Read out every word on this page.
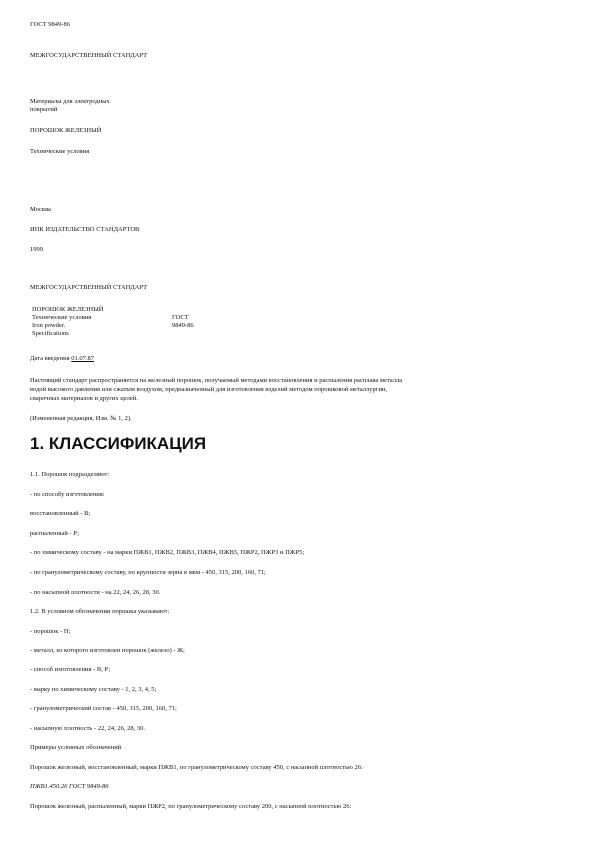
ГОСТ 9849-86
МЕЖГОСУДАРСТВЕННЫЙ СТАНДАРТ
Материалы для электродных
покрытий
ПОРОШОК ЖЕЛЕЗНЫЙ
Технические условия
Москва
ИПК ИЗДАТЕЛЬСТВО СТАНДАРТОВ
1999
МЕЖГОСУДАРСТВЕННЫЙ СТАНДАРТ
ПОРОШОК ЖЕЛЕЗНЫЙ
Технические условия	ГОСТ
Iron powder.	9849-86
Specifications
Дата введения 01.07.87
Настоящий стандарт распространяется на железный порошок, получаемый методами восстановления и распыления расплава металла
водой высокого давления или сжатым воздухом, предназначенный для изготовления изделий методом порошковой металлургии,
сварочных материалов и других целей.
(Измененная редакция, Изм. № 1, 2).
1. КЛАССИФИКАЦИЯ
1.1. Порошок подразделяют:
- по способу изготовления:
восстановленный - В;
распыленный - Р;
- по химическому составу - на марки ПЖВ1, ПЖВ2, ПЖВ3, ПЖВ4, ПЖВ5, ПЖР2, ПЖР3 и ПЖР5;
- по гранулометрическому составу, по крупности зерна в мкм - 450, 315, 200, 160, 71;
- по насыпной плотности - на 22, 24, 26, 28, 30.
1.2. В условном обозначении порошка указывают:
- порошок - П;
- металл, из которого изготовлен порошок (железо) - Ж;
- способ изготовления - В, Р;
- марку по химическому составу - 1, 2, 3, 4, 5;
- гранулометрический состав - 450, 315, 200, 160, 71;
- насыпную плотность - 22, 24, 26, 28, 30.
Примеры условных обозначений
Порошок железный, восстановленный, марки ПЖВ1, по гранулометрическому составу 450, с насыпной плотностью 26:
ПЖВ1.450.26 ГОСТ 9849-86
Порошок железный, распыленный, марки ПЖР2, по гранулометрическому составу 200, с насыпной плотностью 26:
